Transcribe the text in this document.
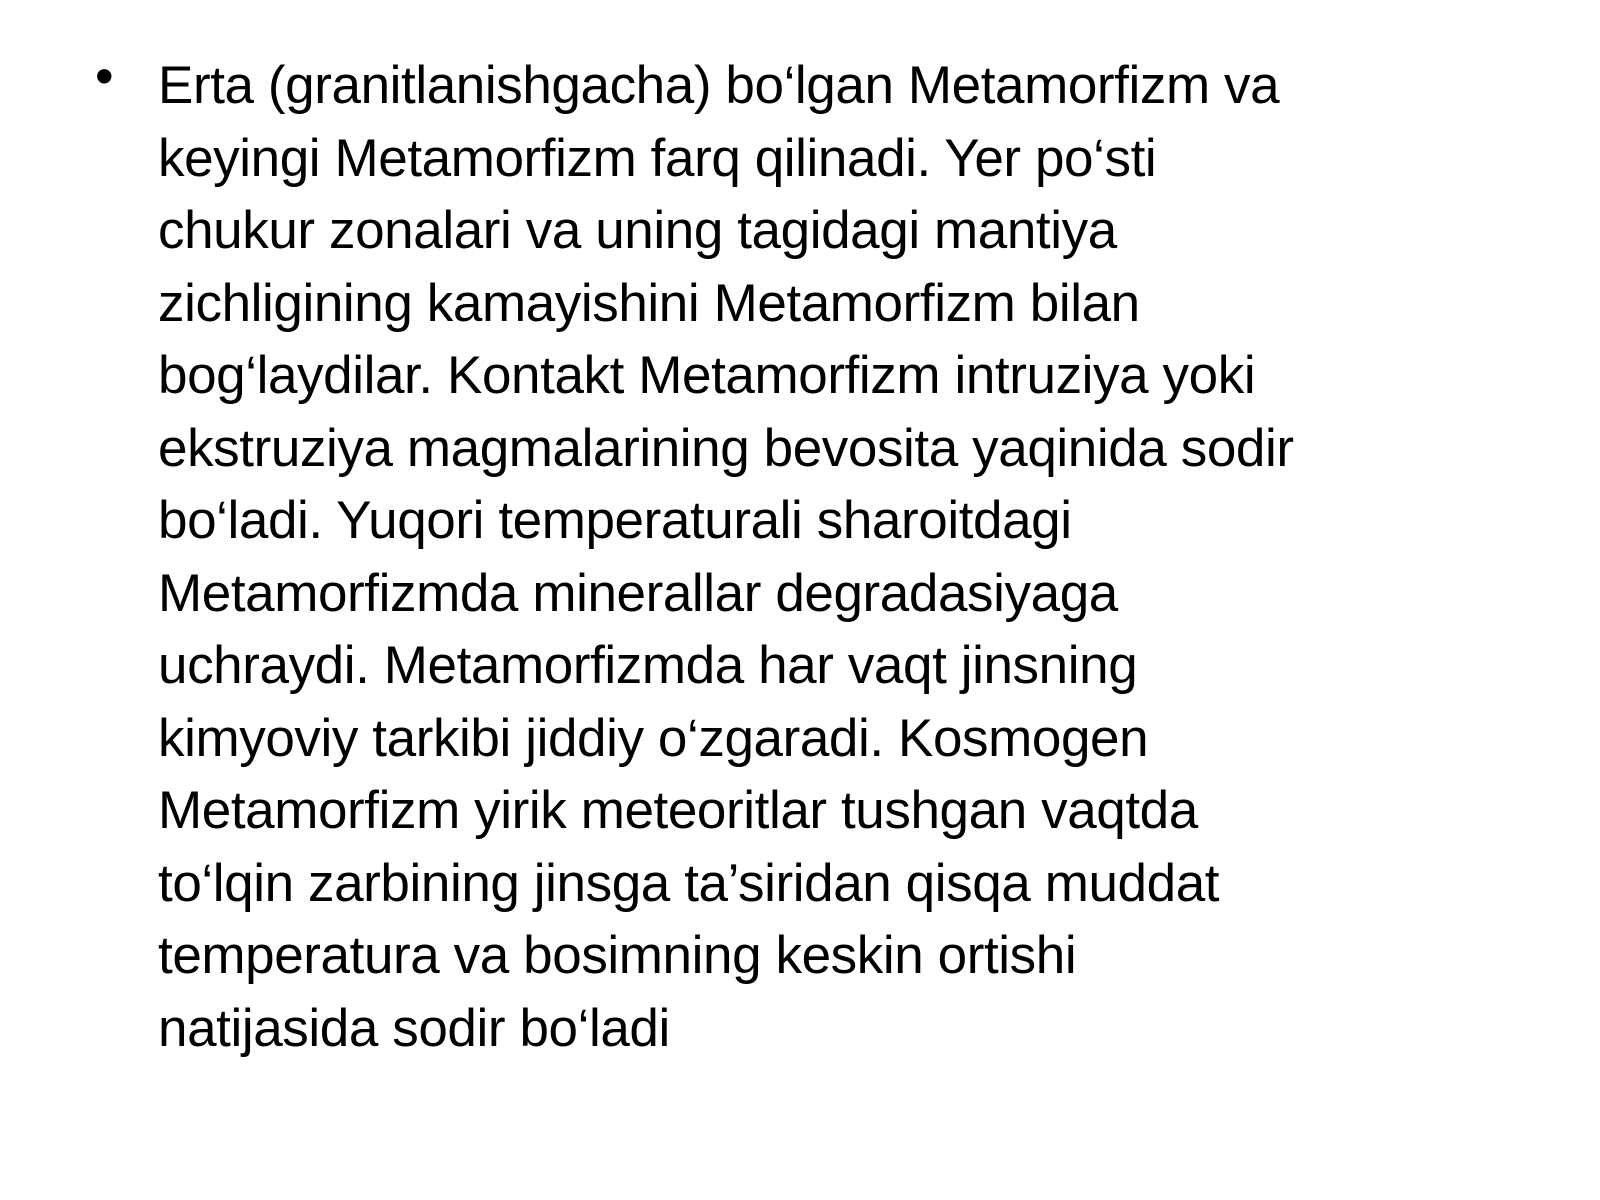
• Erta (granitlanishgacha) bo‘lgan Metamorfizm va
keyingi Metamorfizm farq qilinadi. Yer po‘sti
chukur zonalari va uning tagidagi mantiya
zichligining kamayishini Metamorfizm bilan
bog‘laydilar. Kontakt Metamorfizm intruziya yoki
ekstruziya magmalarining bevosita yaqinida sodir
bo‘ladi. Yuqori temperaturali sharoitdagi
Metamorfizmda minerallar degradasiyaga
uchraydi. Metamorfizmda har vaqt jinsning
kimyoviy tarkibi jiddiy o‘zgaradi. Kosmogen
Metamorfizm yirik meteoritlar tushgan vaqtda
to‘lqin zarbining jinsga ta’siridan qisqa muddat
temperatura va bosimning keskin ortishi
natijasida sodir bo‘ladi
